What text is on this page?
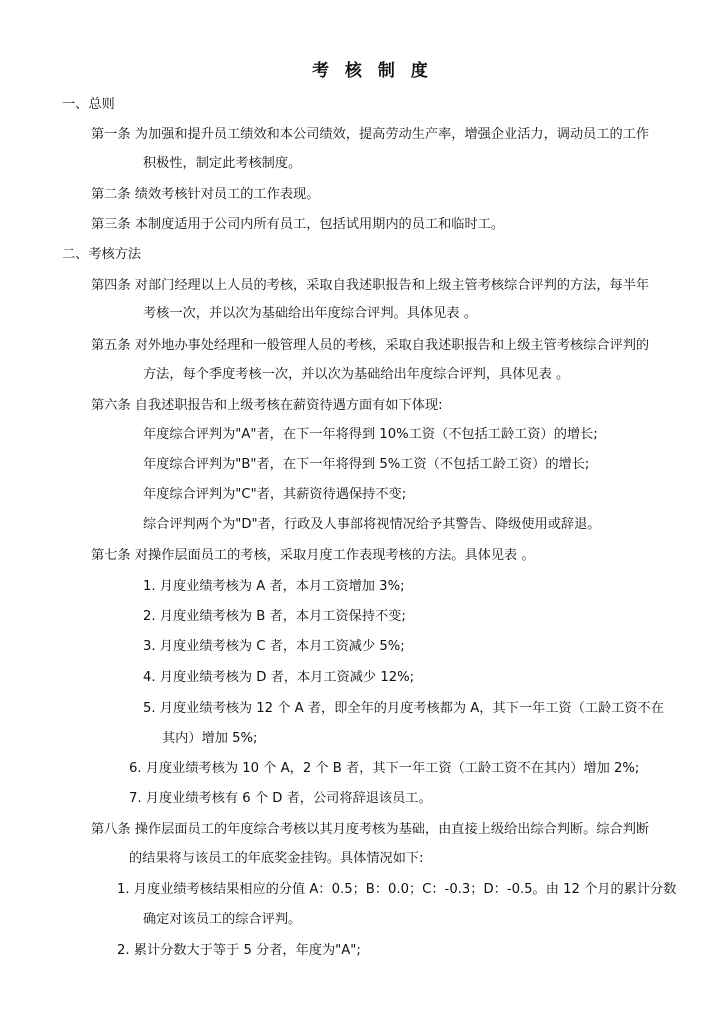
考 核 制 度
一、总则
第一条 为加强和提升员工绩效和本公司绩效，提高劳动生产率，增强企业活力，调动员工的工作
积极性，制定此考核制度。
第二条 绩效考核针对员工的工作表现。
第三条 本制度适用于公司内所有员工，包括试用期内的员工和临时工。
二、考核方法
第四条 对部门经理以上人员的考核，采取自我述职报告和上级主管考核综合评判的方法，每半年
考核一次，并以次为基础给出年度综合评判。具体见表 。
第五条 对外地办事处经理和一般管理人员的考核，采取自我述职报告和上级主管考核综合评判的
方法，每个季度考核一次，并以次为基础给出年度综合评判，具体见表 。
第六条 自我述职报告和上级考核在薪资待遇方面有如下体现:
年度综合评判为"A"者，在下一年将得到 10%工资（不包括工龄工资）的增长;
年度综合评判为"B"者，在下一年将得到 5%工资（不包括工龄工资）的增长;
年度综合评判为"C"者，其薪资待遇保持不变;
综合评判两个为"D"者，行政及人事部将视情况给予其警告、降级使用或辞退。
第七条 对操作层面员工的考核，采取月度工作表现考核的方法。具体见表 。
1. 月度业绩考核为 A 者，本月工资增加 3%;
2. 月度业绩考核为 B 者，本月工资保持不变;
3. 月度业绩考核为 C 者，本月工资减少 5%;
4. 月度业绩考核为 D 者，本月工资减少 12%;
5. 月度业绩考核为 12 个 A 者，即全年的月度考核都为 A，其下一年工资（工龄工资不在
其内）增加 5%;
6. 月度业绩考核为 10 个 A，2 个 B 者，其下一年工资（工龄工资不在其内）增加 2%;
7. 月度业绩考核有 6 个 D 者，公司将辞退该员工。
第八条 操作层面员工的年度综合考核以其月度考核为基础，由直接上级给出综合判断。综合判断
的结果将与该员工的年底奖金挂钩。具体情况如下:
1. 月度业绩考核结果相应的分值 A：0.5；B：0.0；C：-0.3；D：-0.5。由 12 个月的累计分数
确定对该员工的综合评判。
2. 累计分数大于等于 5 分者，年度为"A";
